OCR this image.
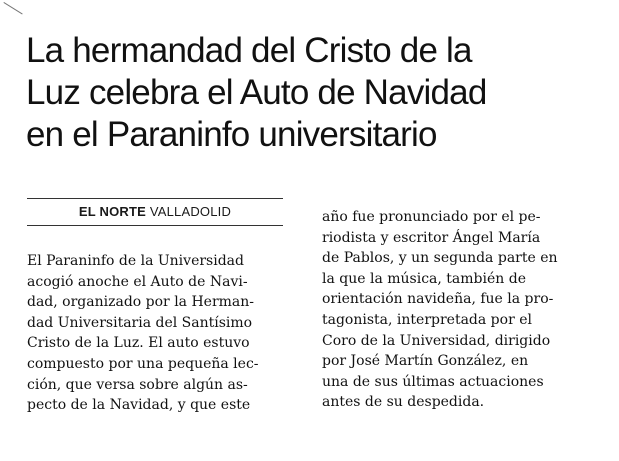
La hermandad del Cristo de la
Luz celebra el Auto de Navidad
en el Paraninfo universitario
EL NORTE VALLADOLID

El Paraninfo de la Universidad
acogió anoche el Auto de Navi-
dad, organizado por la Herman-
dad Universitaria del Santísimo
Cristo de la Luz. El auto estuvo
compuesto por una pequeña lec-
ción, que versa sobre algún as-
pecto de la Navidad, y que este

año fue pronunciado por el pe-
riodista y escritor Ángel María
de Pablos, y un segunda parte en
la que la música, también de
orientación navideña, fue la pro-
tagonista, interpretada por el
Coro de la Universidad, dirigido
por José Martín González, en
una de sus últimas actuaciones
antes de su despedida.
